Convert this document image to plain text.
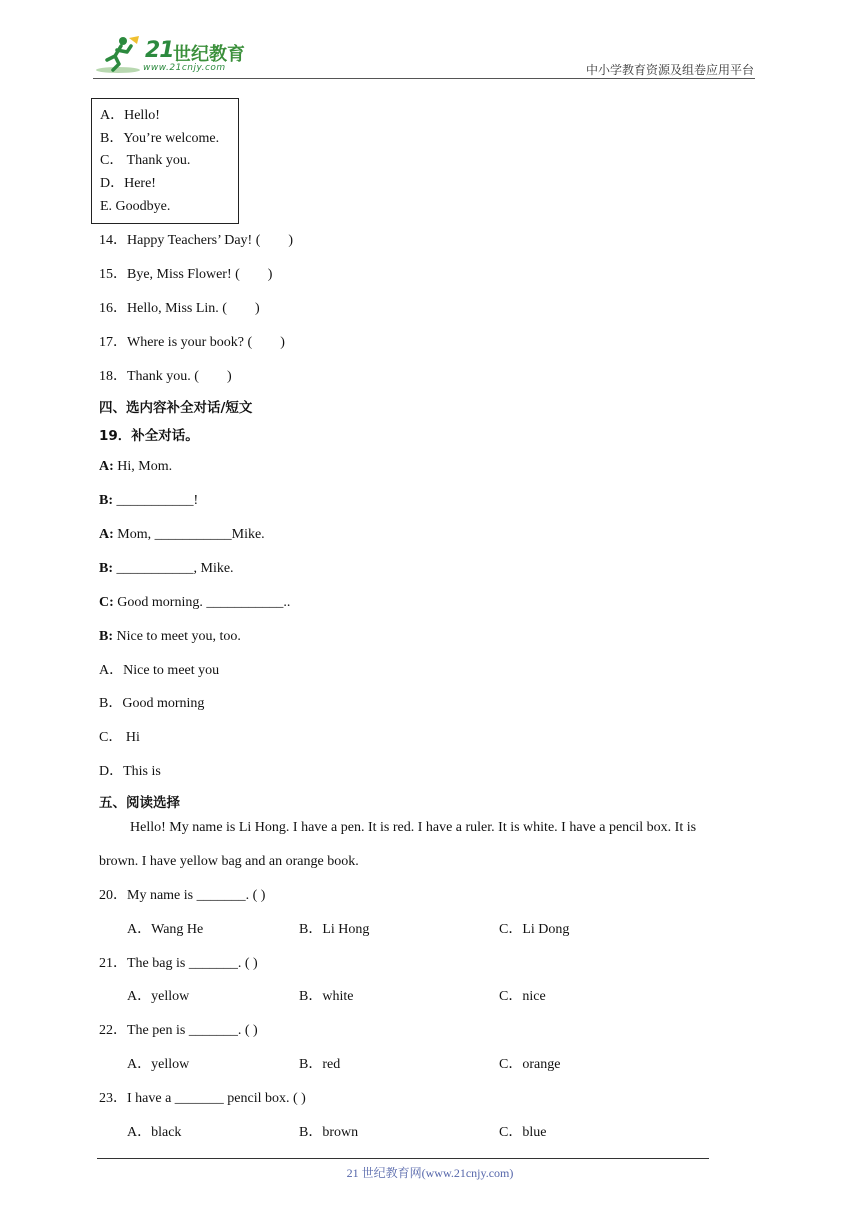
21 世纪教育
www.21cnjy.com	中小学教育资源及组卷应用平台
A．Hello!
B．You’re welcome.
C． Thank you.
D．Here!
E. Goodbye.
14．Happy Teachers’ Day! ( )
15．Bye, Miss Flower! ( )
16．Hello, Miss Lin. ( )
17．Where is your book? ( )
18．Thank you. ( )
四、选内容补全对话/短文
19．补全对话。
A: Hi, Mom.
B: ___________!
A: Mom, ___________Mike.
B: ___________, Mike.
C: Good morning. ___________..
B: Nice to meet you, too.
A．Nice to meet you
B．Good morning
C． Hi
D．This is
五、阅读选择
Hello! My name is Li Hong. I have a pen. It is red. I have a ruler. It is white. I have a pencil box. It is
brown. I have yellow bag and an orange book.
20．My name is _______. ( )
A．Wang He	B．Li Hong	C．Li Dong
21．The bag is _______. ( )
A．yellow	B．white	C．nice
22．The pen is _______. ( )
A．yellow	B．red	C．orange
23．I have a _______ pencil box. ( )
A．black	B．brown	C．blue
21 世纪教育网(www.21cnjy.com)
